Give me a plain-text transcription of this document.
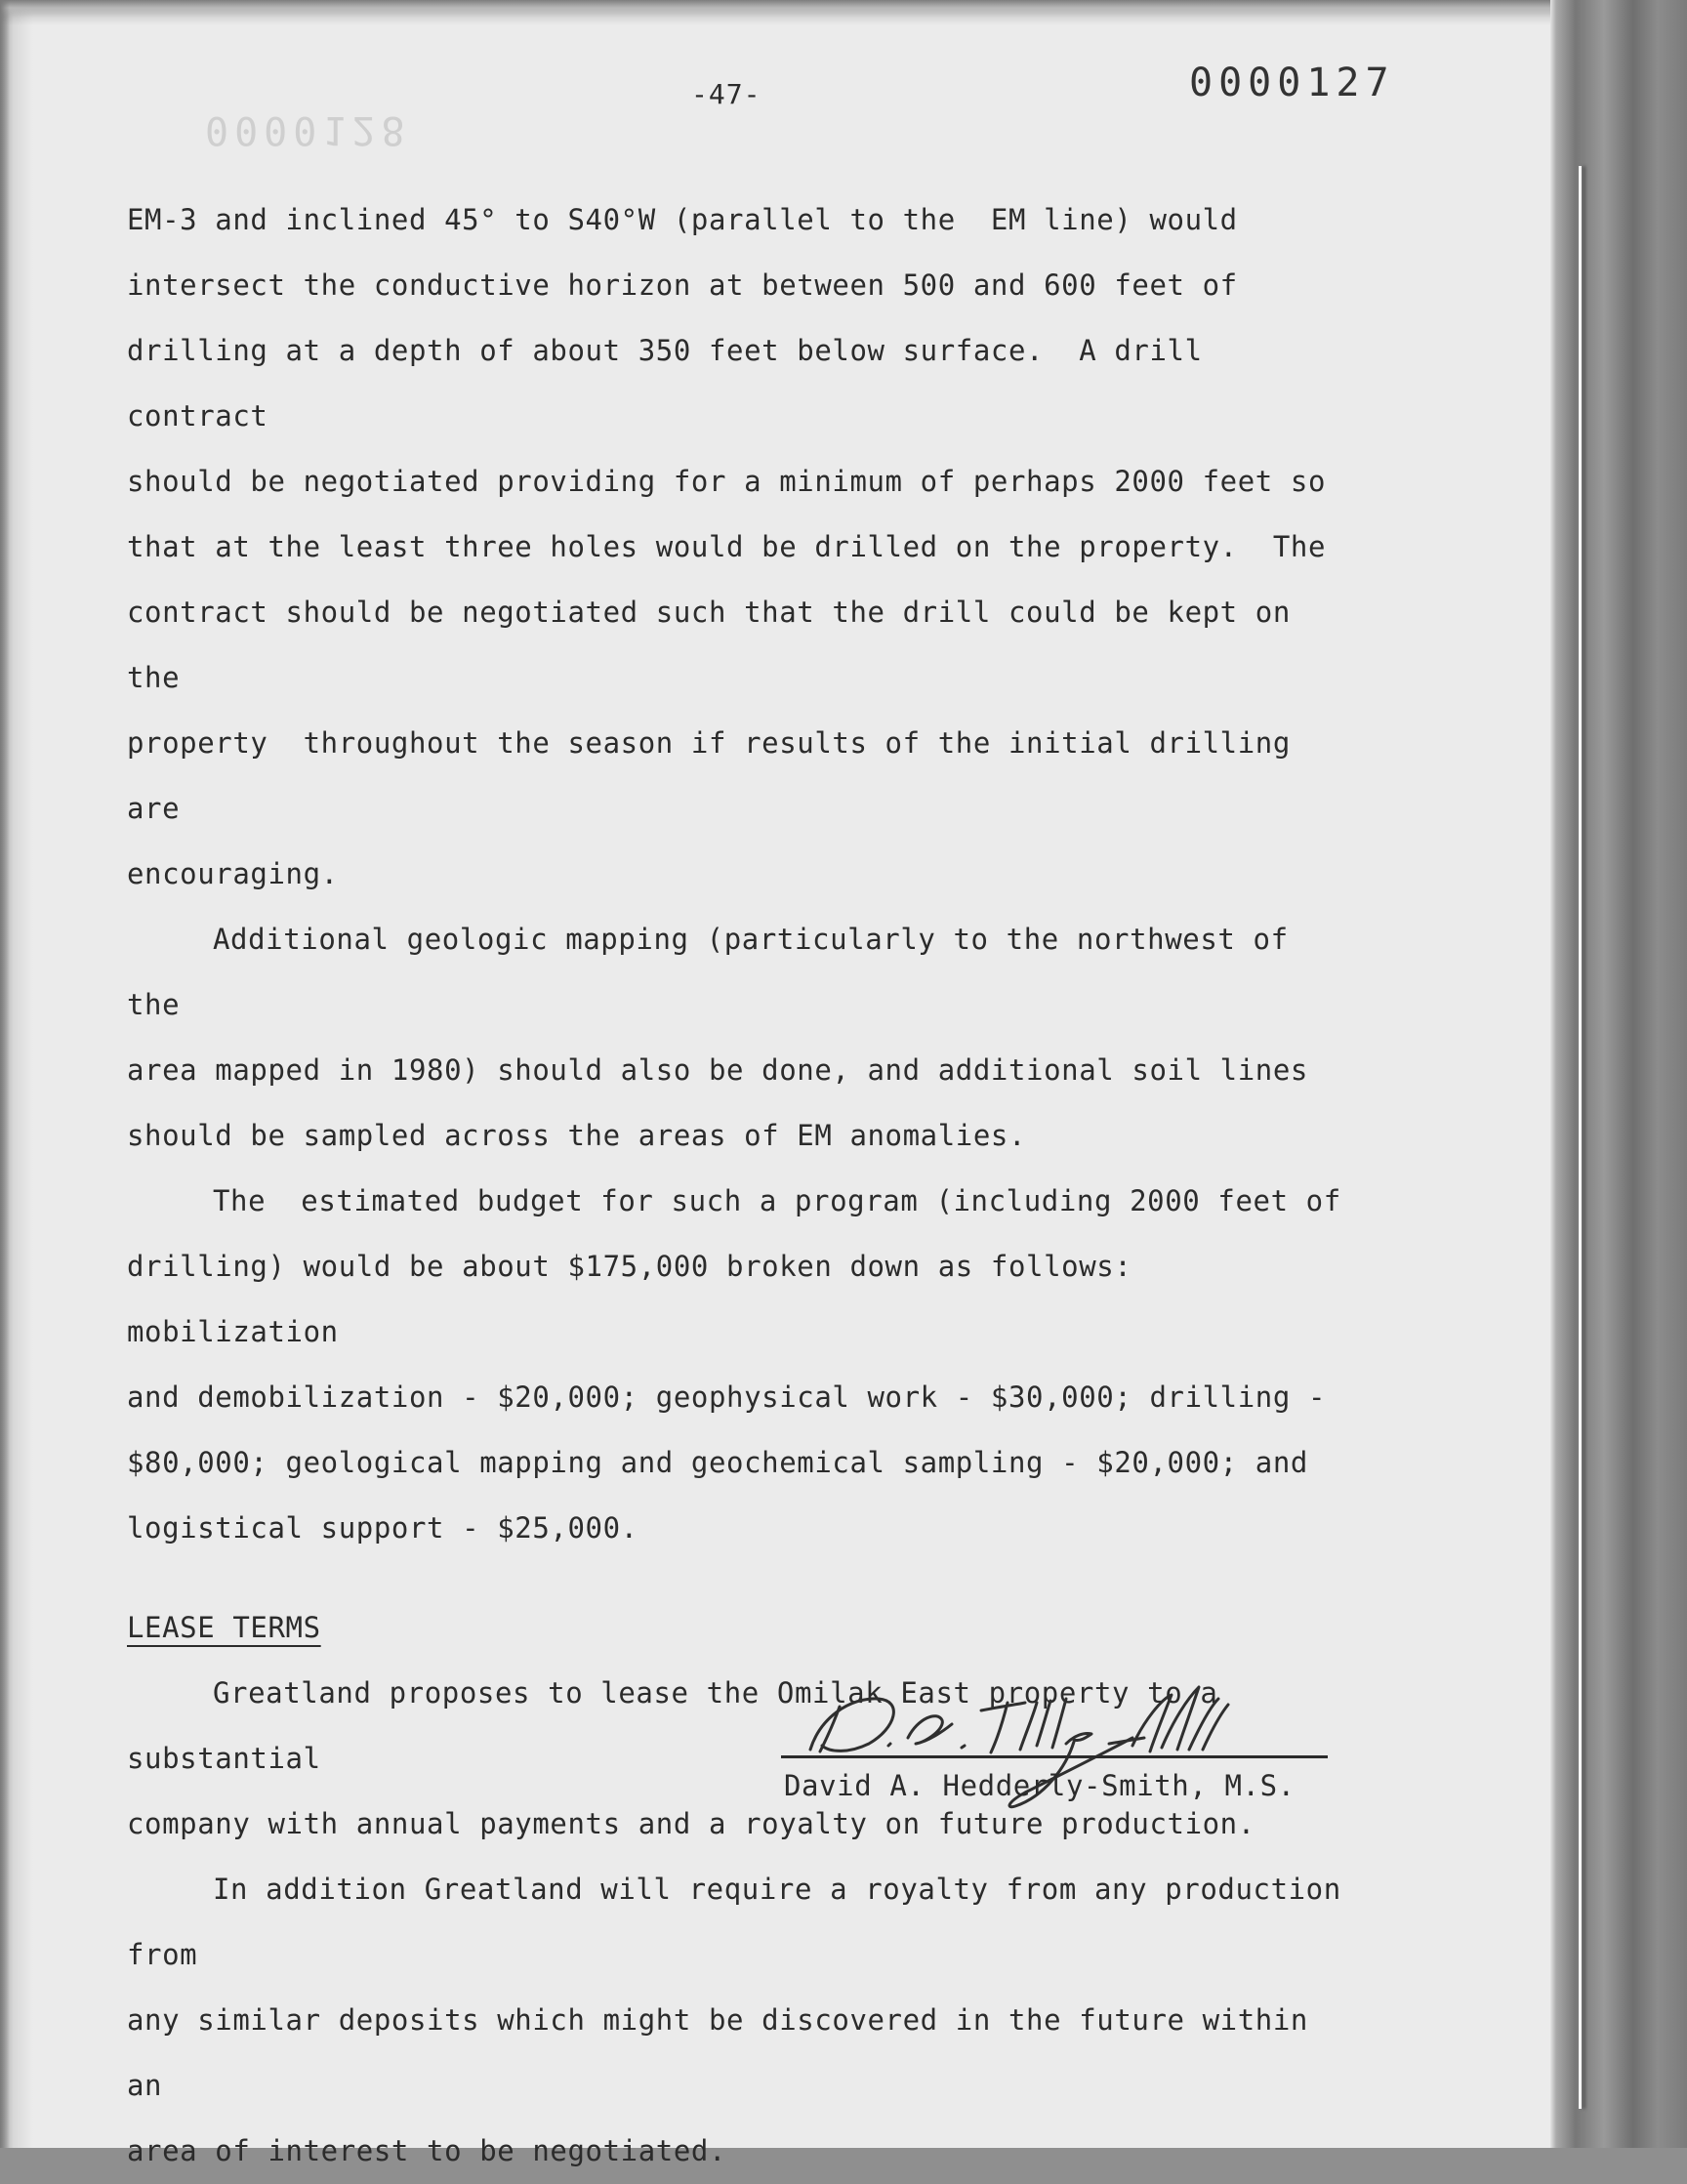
0000128
-47-	0000127

EM-3 and inclined 45° to S40°W (parallel to the  EM line) would
intersect the conductive horizon at between 500 and 600 feet of
drilling at a depth of about 350 feet below surface.  A drill contract
should be negotiated providing for a minimum of perhaps 2000 feet so
that at the least three holes would be drilled on the property.  The
contract should be negotiated such that the drill could be kept on the
property  throughout the season if results of the initial drilling are
encouraging.

Additional geologic mapping (particularly to the northwest of the
area mapped in 1980) should also be done, and additional soil lines
should be sampled across the areas of EM anomalies.

The  estimated budget for such a program (including 2000 feet of
drilling) would be about $175,000 broken down as follows: mobilization
and demobilization - $20,000; geophysical work - $30,000; drilling -
$80,000; geological mapping and geochemical sampling - $20,000; and
logistical support - $25,000.

LEASE TERMS

Greatland proposes to lease the Omilak East property to a substantial
company with annual payments and a royalty on future production.

In addition Greatland will require a royalty from any production from
any similar deposits which might be discovered in the future within an
area of interest to be negotiated.

David A. Hedderly-Smith, M.S.
